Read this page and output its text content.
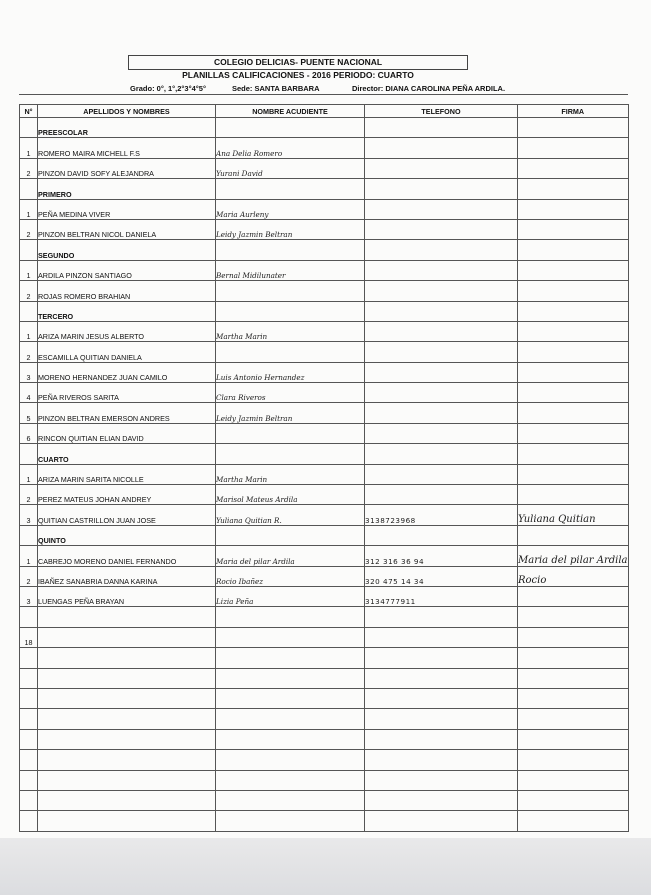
COLEGIO DELICIAS- PUENTE NACIONAL
PLANILLAS CALIFICACIONES - 2016 PERIODO: CUARTO
Grado: 0°, 1°,2°3°4°5°	Sede: SANTA BARBARA	Director: DIANA CAROLINA PEÑA ARDILA.
N°	APELLIDOS Y NOMBRES	NOMBRE ACUDIENTE	TELEFONO	FIRMA
	PREESCOLAR			
1	ROMERO MAIRA MICHELL F.S	Ana Delia Romero		
2	PINZON DAVID SOFY ALEJANDRA	Yurani David		
	PRIMERO			
1	PEÑA MEDINA VIVER	Maria Aurleny		
2	PINZON BELTRAN NICOL DANIELA	Leidy Jazmin Beltran		
	SEGUNDO			
1	ARDILA PINZON SANTIAGO	Bernal Midilunater		
2	ROJAS ROMERO BRAHIAN			
	TERCERO			
1	ARIZA MARIN JESUS ALBERTO	Martha Marin		
2	ESCAMILLA QUITIAN DANIELA			
3	MORENO HERNANDEZ JUAN CAMILO	Luis Antonio Hernandez		
4	PEÑA RIVEROS SARITA	Clara Riveros		
5	PINZON BELTRAN EMERSON ANDRES	Leidy Jazmin Beltran		
6	RINCON QUITIAN ELIAN DAVID			
	CUARTO			
1	ARIZA MARIN SARITA NICOLLE	Martha Marin		
2	PEREZ MATEUS JOHAN ANDREY	Marisol Mateus Ardila		
3	QUITIAN CASTRILLON JUAN JOSE	Yuliana Quitian R.	3138723968	Yuliana Quitian
	QUINTO			
1	CABREJO MORENO DANIEL FERNANDO	Maria del pilar Ardila	312 316 36 94	Maria del pilar Ardila
2	IBAÑEZ SANABRIA DANNA KARINA	Rocio Ibañez	320 475 14 34	Rocio
3	LUENGAS PEÑA BRAYAN	Lizia Peña	3134777911	

18				
